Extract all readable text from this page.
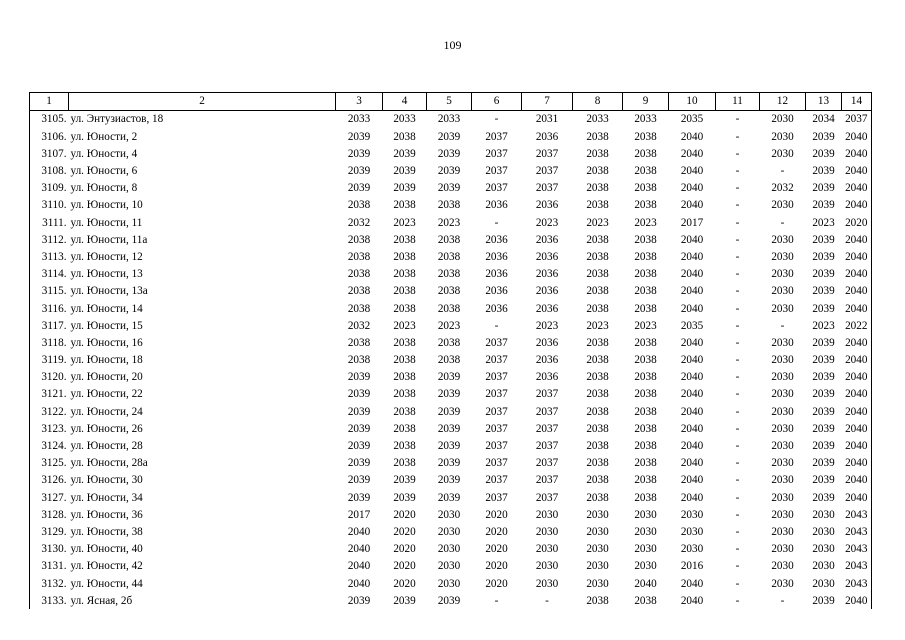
109
1	2	3	4	5	6	7	8	9	10	11	12	13	14
3105.	ул. Энтузиастов, 18	2033	2033	2033	-	2031	2033	2033	2035	-	2030	2034	2037
3106.	ул. Юности, 2	2039	2038	2039	2037	2036	2038	2038	2040	-	2030	2039	2040
3107.	ул. Юности, 4	2039	2039	2039	2037	2037	2038	2038	2040	-	2030	2039	2040
3108.	ул. Юности, 6	2039	2039	2039	2037	2037	2038	2038	2040	-	-	2039	2040
3109.	ул. Юности, 8	2039	2039	2039	2037	2037	2038	2038	2040	-	2032	2039	2040
3110.	ул. Юности, 10	2038	2038	2038	2036	2036	2038	2038	2040	-	2030	2039	2040
3111.	ул. Юности, 11	2032	2023	2023	-	2023	2023	2023	2017	-	-	2023	2020
3112.	ул. Юности, 11а	2038	2038	2038	2036	2036	2038	2038	2040	-	2030	2039	2040
3113.	ул. Юности, 12	2038	2038	2038	2036	2036	2038	2038	2040	-	2030	2039	2040
3114.	ул. Юности, 13	2038	2038	2038	2036	2036	2038	2038	2040	-	2030	2039	2040
3115.	ул. Юности, 13а	2038	2038	2038	2036	2036	2038	2038	2040	-	2030	2039	2040
3116.	ул. Юности, 14	2038	2038	2038	2036	2036	2038	2038	2040	-	2030	2039	2040
3117.	ул. Юности, 15	2032	2023	2023	-	2023	2023	2023	2035	-	-	2023	2022
3118.	ул. Юности, 16	2038	2038	2038	2037	2036	2038	2038	2040	-	2030	2039	2040
3119.	ул. Юности, 18	2038	2038	2038	2037	2036	2038	2038	2040	-	2030	2039	2040
3120.	ул. Юности, 20	2039	2038	2039	2037	2036	2038	2038	2040	-	2030	2039	2040
3121.	ул. Юности, 22	2039	2038	2039	2037	2037	2038	2038	2040	-	2030	2039	2040
3122.	ул. Юности, 24	2039	2038	2039	2037	2037	2038	2038	2040	-	2030	2039	2040
3123.	ул. Юности, 26	2039	2038	2039	2037	2037	2038	2038	2040	-	2030	2039	2040
3124.	ул. Юности, 28	2039	2038	2039	2037	2037	2038	2038	2040	-	2030	2039	2040
3125.	ул. Юности, 28а	2039	2038	2039	2037	2037	2038	2038	2040	-	2030	2039	2040
3126.	ул. Юности, 30	2039	2039	2039	2037	2037	2038	2038	2040	-	2030	2039	2040
3127.	ул. Юности, 34	2039	2039	2039	2037	2037	2038	2038	2040	-	2030	2039	2040
3128.	ул. Юности, 36	2017	2020	2030	2020	2030	2030	2030	2030	-	2030	2030	2043
3129.	ул. Юности, 38	2040	2020	2030	2020	2030	2030	2030	2030	-	2030	2030	2043
3130.	ул. Юности, 40	2040	2020	2030	2020	2030	2030	2030	2030	-	2030	2030	2043
3131.	ул. Юности, 42	2040	2020	2030	2020	2030	2030	2030	2016	-	2030	2030	2043
3132.	ул. Юности, 44	2040	2020	2030	2020	2030	2030	2040	2040	-	2030	2030	2043
3133.	ул. Ясная, 2б	2039	2039	2039	-	-	2038	2038	2040	-	-	2039	2040
